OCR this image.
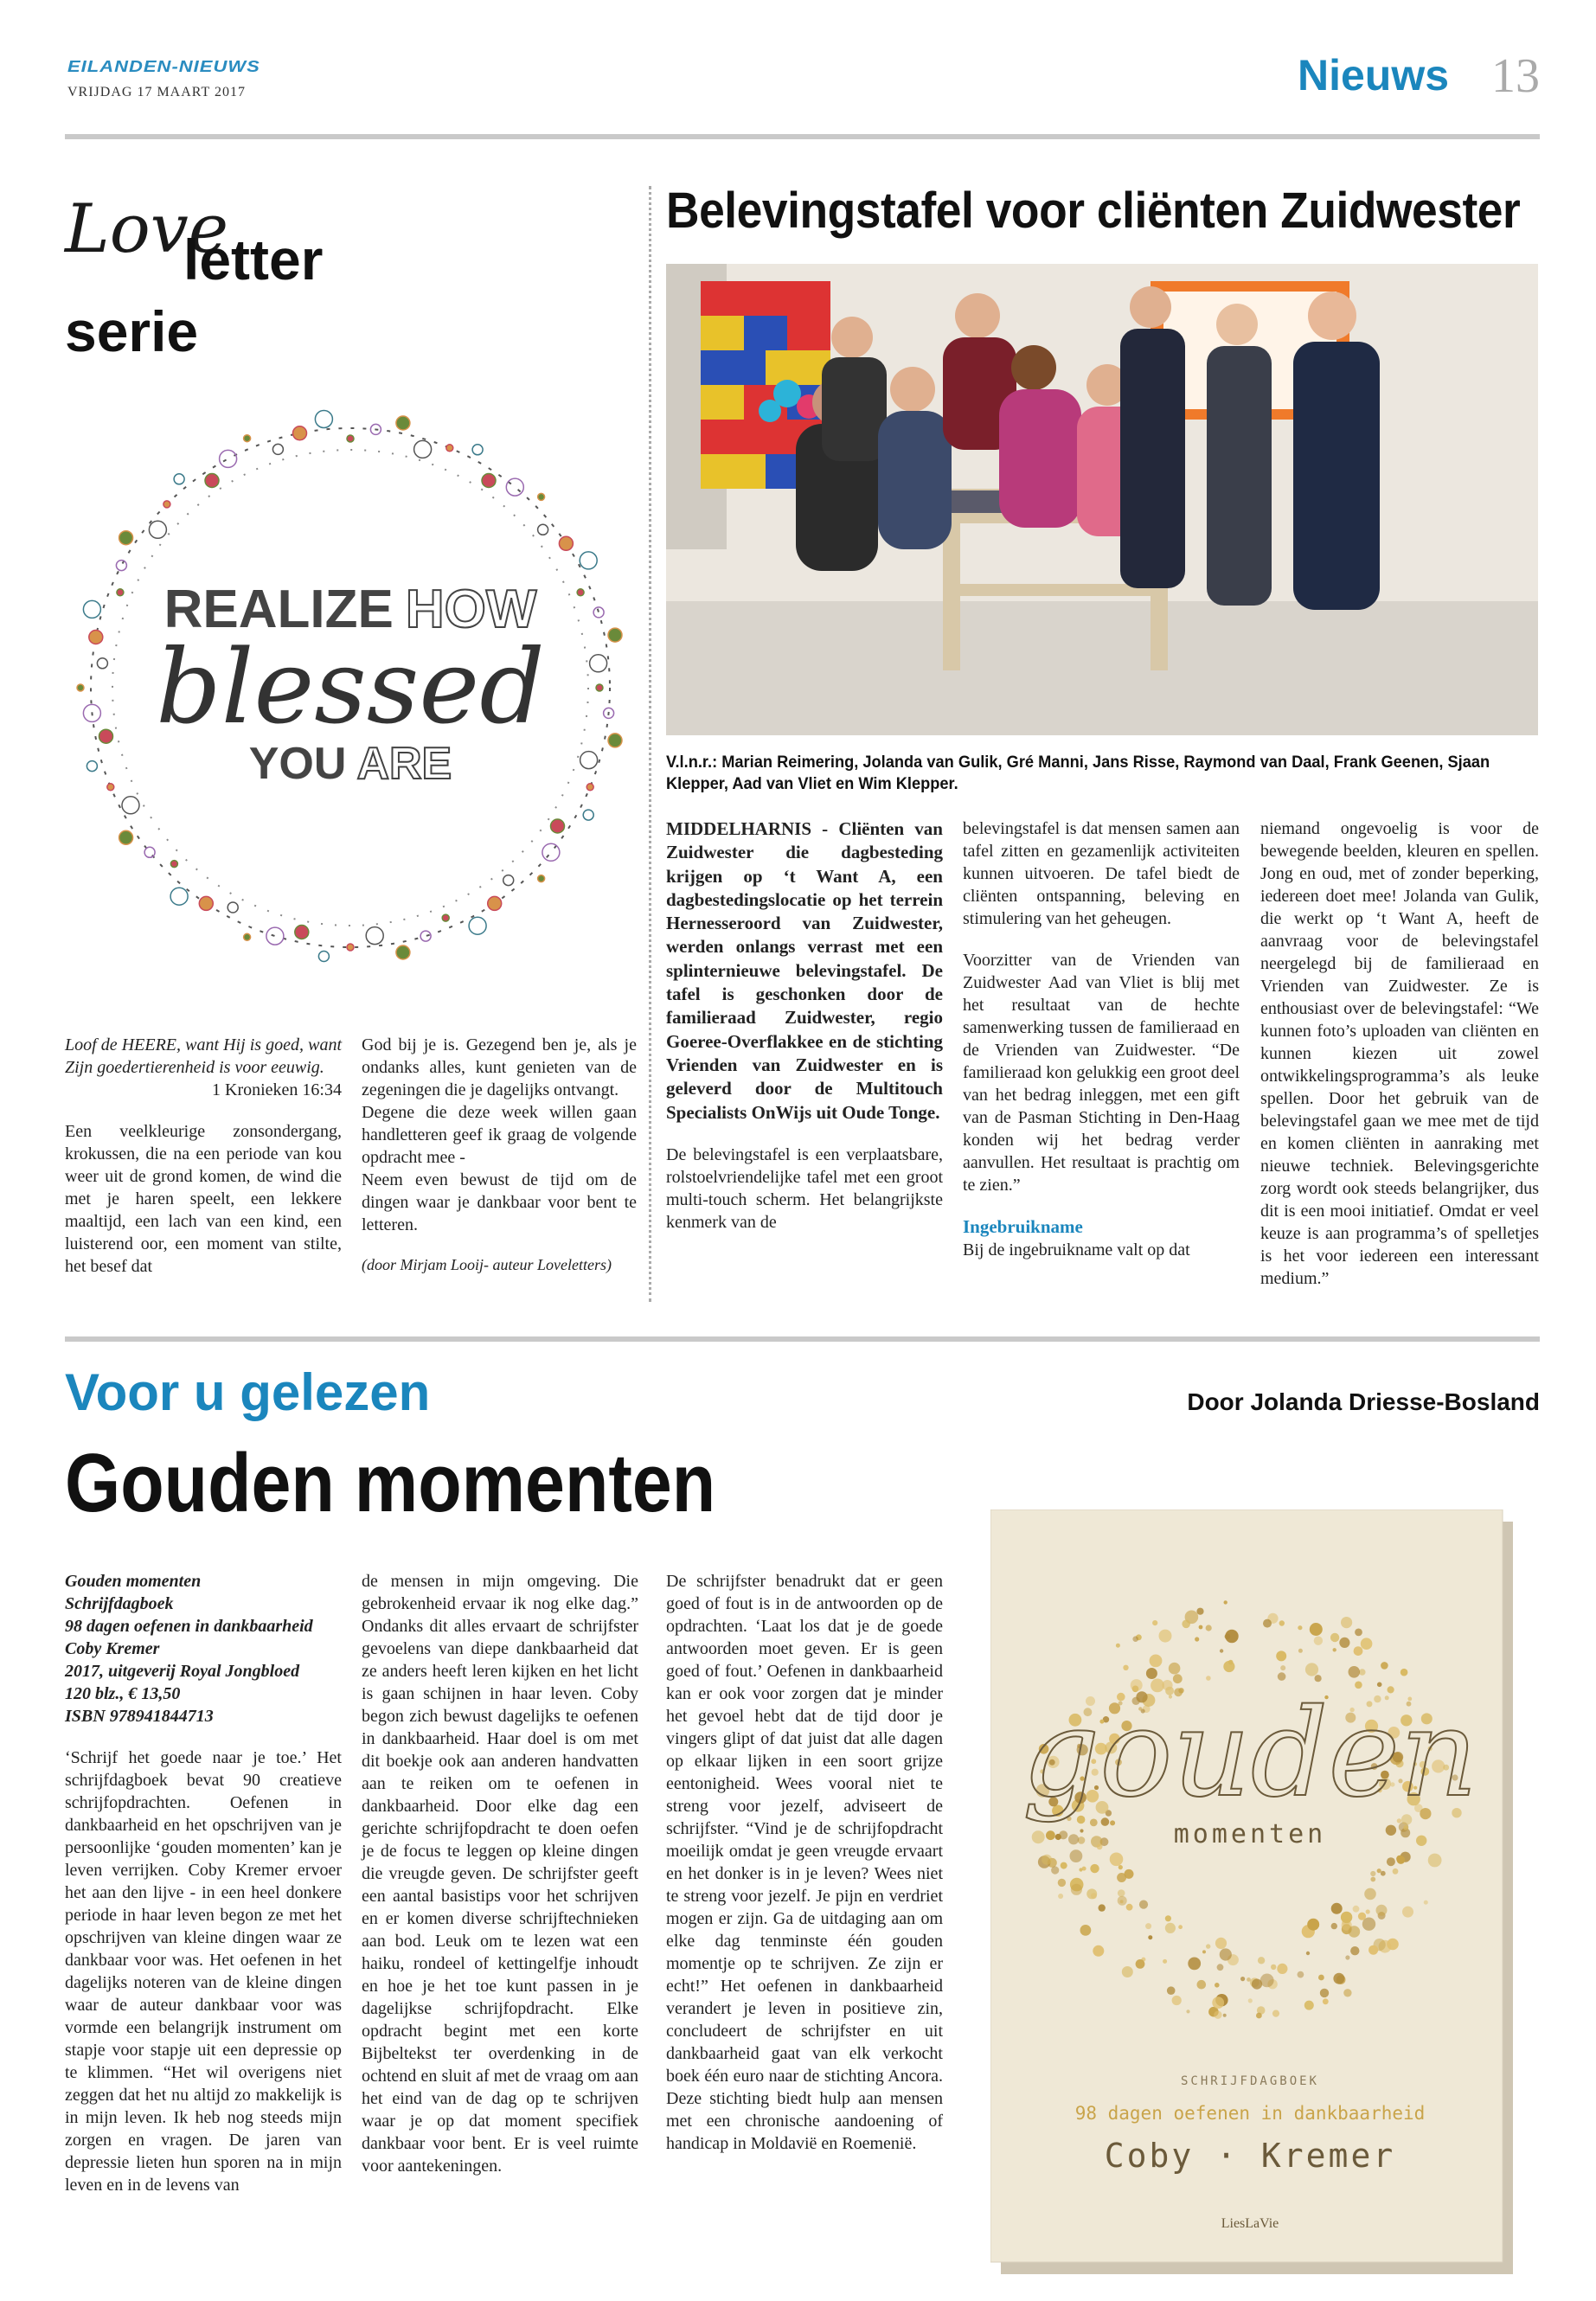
EILANDEN-NIEUWS
VRIJDAG 17 MAART 2017	Nieuws 13
Love
letter
serie
REALIZE HOW
blessed
YOU ARE

Loof de HEERE, want Hij is goed, want Zijn goedertierenheid is voor eeuwig.

1 Kronieken 16:34

Een veelkleurige zonsondergang, krokussen, die na een periode van kou weer uit de grond komen, de wind die met je haren speelt, een lekkere maaltijd, een lach van een kind, een luisterend oor, een moment van stilte, het besef dat

God bij je is. Gezegend ben je, als je ondanks alles, kunt genieten van de zegeningen die je dagelijks ontvangt.

Degene die deze week willen gaan handletteren geef ik graag de volgende opdracht mee -

Neem even bewust de tijd om de dingen waar je dankbaar voor bent te letteren.

(door Mirjam Looij- auteur Loveletters)

Belevingstafel voor cliënten Zuidwester
V.l.n.r.: Marian Reimering, Jolanda van Gulik, Gré Manni, Jans Risse, Raymond van Daal, Frank Geenen, Sjaan Klepper, Aad van Vliet en Wim Klepper.

MIDDELHARNIS - Cliënten van Zuidwester die dagbesteding krijgen op ‘t Want A, een dagbestedingslocatie op het terrein Hernesseroord van Zuidwester, werden onlangs verrast met een splinternieuwe belevingstafel. De tafel is geschonken door de familieraad Zuidwester, regio Goeree-Overflakkee en de stichting Vrienden van Zuidwester en is geleverd door de Multitouch Specialists OnWijs uit Oude Tonge.

De belevingstafel is een verplaatsbare, rolstoelvriendelijke tafel met een groot multi-touch scherm. Het belangrijkste kenmerk van de

belevingstafel is dat mensen samen aan tafel zitten en gezamenlijk activiteiten kunnen uitvoeren. De tafel biedt de cliënten ontspanning, beleving en stimulering van het geheugen.

Voorzitter van de Vrienden van Zuidwester Aad van Vliet is blij met het resultaat van de hechte samenwerking tussen de familieraad en de Vrienden van Zuidwester. “De familieraad kon gelukkig een groot deel van het bedrag inleggen, met een gift van de Pasman Stichting in Den-Haag konden wij het bedrag verder aanvullen. Het resultaat is prachtig om te zien.”

Ingebruikname

Bij de ingebruikname valt op dat

niemand ongevoelig is voor de bewegende beelden, kleuren en spellen. Jong en oud, met of zonder beperking, iedereen doet mee! Jolanda van Gulik, die werkt op ‘t Want A, heeft de aanvraag voor de belevingstafel neergelegd bij de familieraad en Vrienden van Zuidwester. Ze is enthousiast over de belevingstafel: “We kunnen foto’s uploaden van cliënten en kunnen kiezen uit zowel ontwikkelingsprogramma’s als leuke spellen. Door het gebruik van de belevingstafel gaan we mee met de tijd en komen cliënten in aanraking met nieuwe techniek. Belevingsgerichte zorg wordt ook steeds belangrijker, dus dit is een mooi initiatief. Omdat er veel keuze is aan programma’s of spelletjes is het voor iedereen een interessant medium.”

Voor u gelezen	Door Jolanda Driesse-Bosland
Gouden momenten
Gouden momenten
Schrijfdagboek
98 dagen oefenen in dankbaarheid
Coby Kremer
2017, uitgeverij Royal Jongbloed
120 blz., € 13,50
ISBN 978941844713

‘Schrijf het goede naar je toe.’ Het schrijfdagboek bevat 90 creatieve schrijfopdrachten. Oefenen in dankbaarheid en het opschrijven van je persoonlijke ‘gouden momenten’ kan je leven verrijken. Coby Kremer ervoer het aan den lijve - in een heel donkere periode in haar leven begon ze met het opschrijven van kleine dingen waar ze dankbaar voor was. Het oefenen in het dagelijks noteren van de kleine dingen waar de auteur dankbaar voor was vormde een belangrijk instrument om stapje voor stapje uit een depressie op te klimmen. “Het wil overigens niet zeggen dat het nu altijd zo makkelijk is in mijn leven. Ik heb nog steeds mijn zorgen en vragen. De jaren van depressie lieten hun sporen na in mijn leven en in de levens van

de mensen in mijn omgeving. Die gebrokenheid ervaar ik nog elke dag.” Ondanks dit alles ervaart de schrijfster gevoelens van diepe dankbaarheid dat ze anders heeft leren kijken en het licht is gaan schijnen in haar leven. Coby begon zich bewust dagelijks te oefenen in dankbaarheid. Haar doel is om met dit boekje ook aan anderen handvatten aan te reiken om te oefenen in dankbaarheid. Door elke dag een gerichte schrijfopdracht te doen oefen je de focus te leggen op kleine dingen die vreugde geven. De schrijfster geeft een aantal basistips voor het schrijven en er komen diverse schrijftechnieken aan bod. Leuk om te lezen wat een haiku, rondeel of kettingelfje inhoudt en hoe je het toe kunt passen in je dagelijkse schrijfopdracht. Elke opdracht begint met een korte Bijbeltekst ter overdenking in de ochtend en sluit af met de vraag om aan het eind van de dag op te schrijven waar je op dat moment specifiek dankbaar voor bent. Er is veel ruimte voor aantekeningen.

De schrijfster benadrukt dat er geen goed of fout is in de antwoorden op de opdrachten. ‘Laat los dat je de goede antwoorden moet geven. Er is geen goed of fout.’ Oefenen in dankbaarheid kan er ook voor zorgen dat je minder het gevoel hebt dat de tijd door je vingers glipt of dat juist dat alle dagen op elkaar lijken in een soort grijze eentonigheid. Wees vooral niet te streng voor jezelf, adviseert de schrijfster. “Vind je de schrijfopdracht moeilijk omdat je geen vreugde ervaart en het donker is in je leven? Wees niet te streng voor jezelf. Je pijn en verdriet mogen er zijn. Ga de uitdaging aan om elke dag tenminste één gouden momentje op te schrijven. Ze zijn er echt!” Het oefenen in dankbaarheid verandert je leven in positieve zin, concludeert de schrijfster en uit dankbaarheid gaat van elk verkocht boek één euro naar de stichting Ancora. Deze stichting biedt hulp aan mensen met een chronische aandoening of handicap in Moldavië en Roemenië.

gouden
momenten
SCHRIJFDAGBOEK
98 dagen oefenen in dankbaarheid
Coby · Kremer
LiesLaVie
